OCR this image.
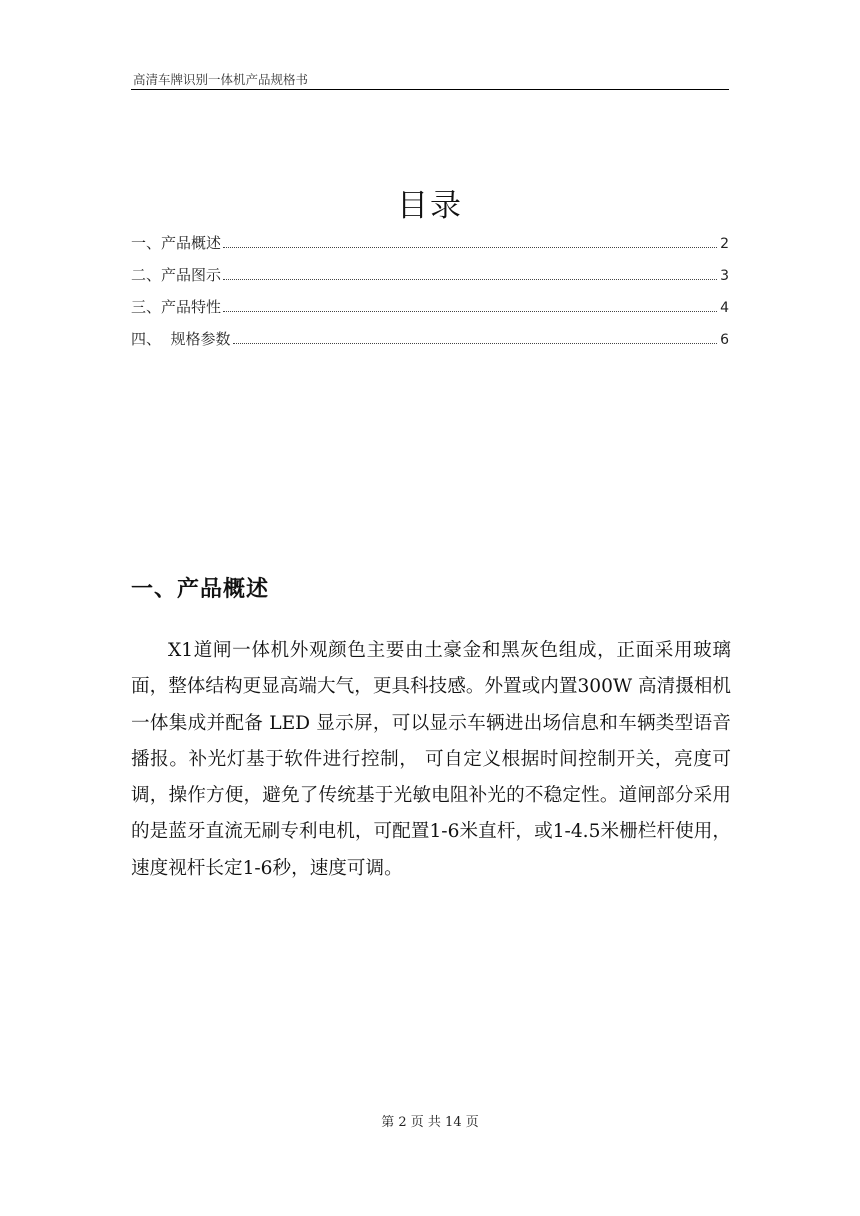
高清车牌识别一体机产品规格书
目录
一、产品概述	2
二、产品图示	3
三、产品特性	4
四、  规格参数	6
一、产品概述

X1道闸一体机外观颜色主要由土豪金和黑灰色组成，正面采用玻璃面，整体结构更显高端大气，更具科技感。外置或内置300W 高清摄相机一体集成并配备 LED 显示屏，可以显示车辆进出场信息和车辆类型语音播报。补光灯基于软件进行控制， 可自定义根据时间控制开关，亮度可调，操作方便，避免了传统基于光敏电阻补光的不稳定性。道闸部分采用的是蓝牙直流无刷专利电机，可配置1-6米直杆，或1-4.5米栅栏杆使用，速度视杆长定1-6秒，速度可调。

第 2 页 共 14 页
